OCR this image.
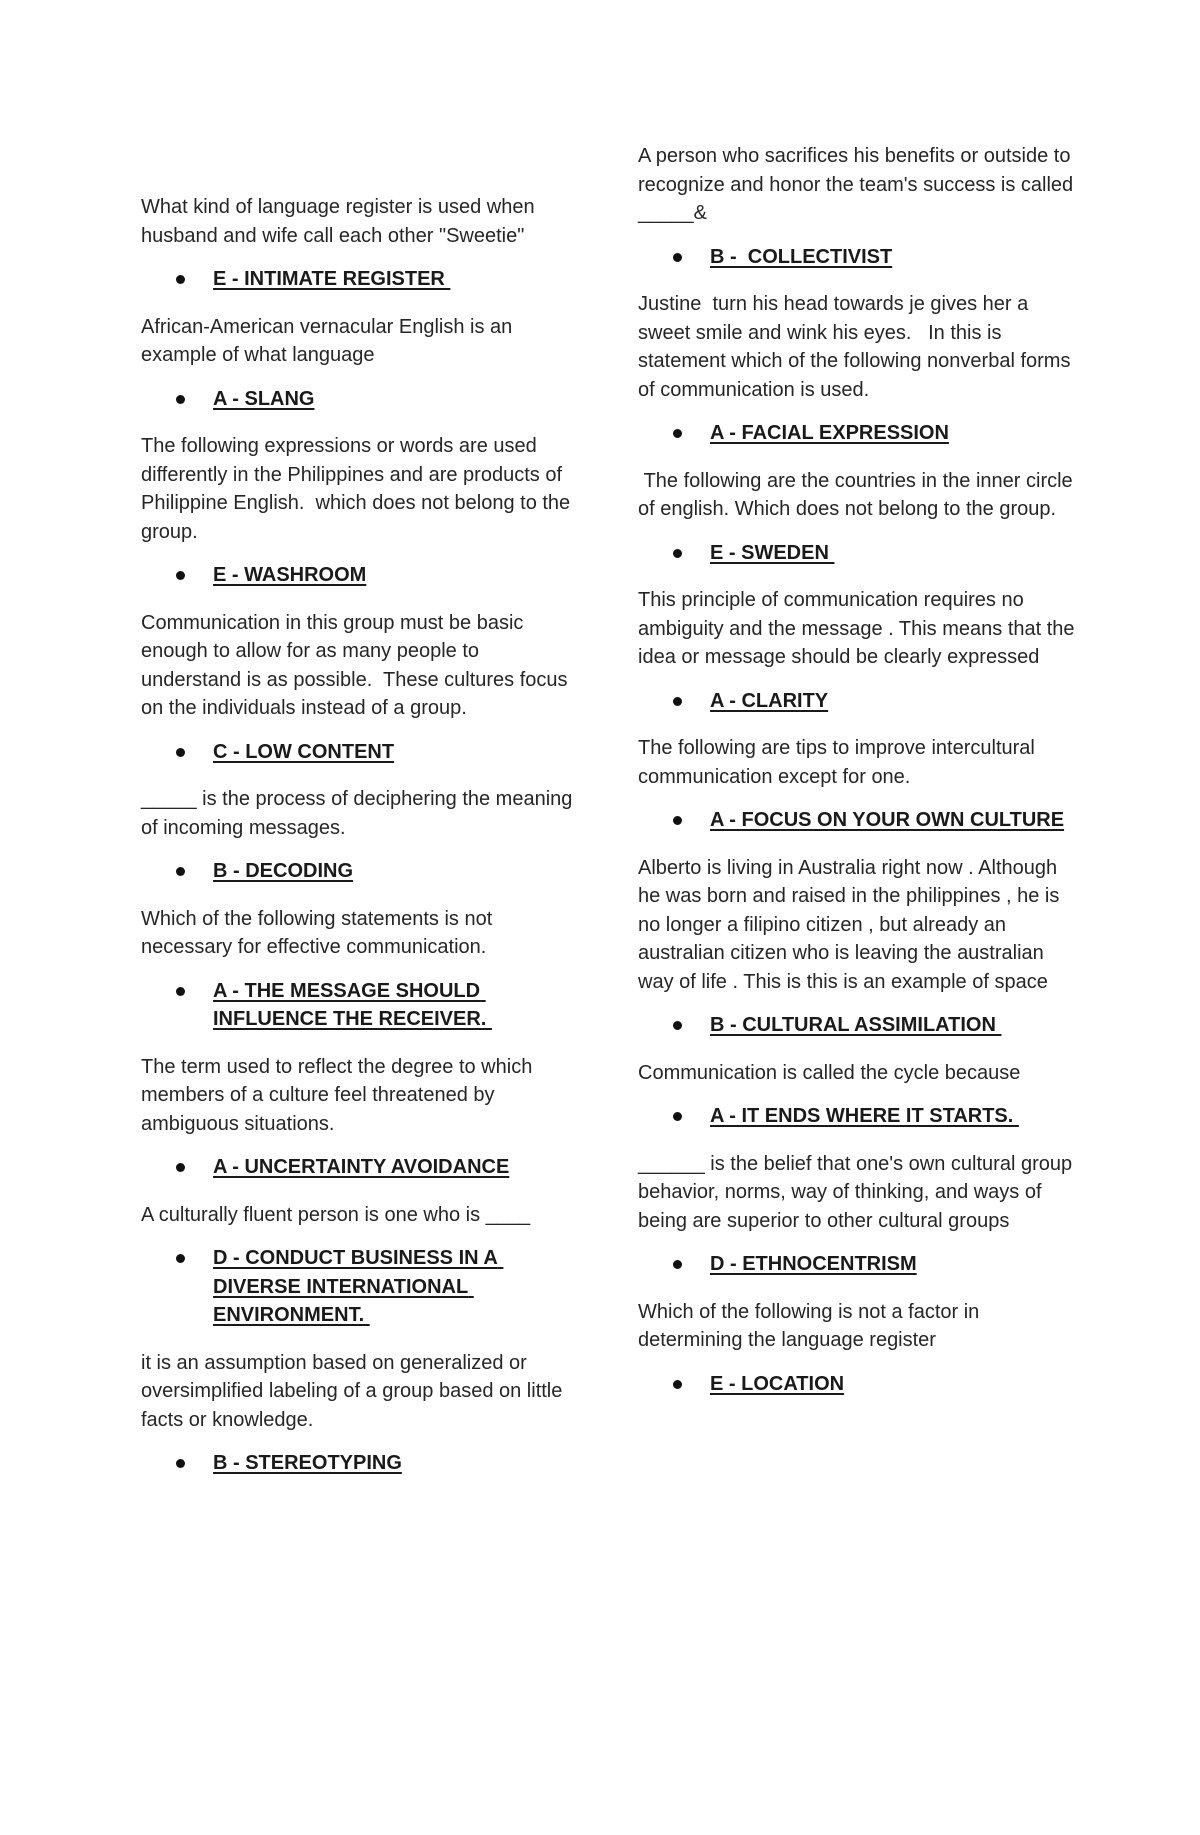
What kind of language register is used when husband and wife call each other "Sweetie"

E - INTIMATE REGISTER

African-American vernacular English is an example of what language

A - SLANG

The following expressions or words are used differently in the Philippines and are products of Philippine English.  which does not belong to the group.

E - WASHROOM

Communication in this group must be basic enough to allow for as many people to understand is as possible.  These cultures focus on the individuals instead of a group.

C - LOW CONTENT

_____ is the process of deciphering the meaning of incoming messages.

B - DECODING

Which of the following statements is not necessary for effective communication.

A - THE MESSAGE SHOULD INFLUENCE THE RECEIVER.

The term used to reflect the degree to which members of a culture feel threatened by ambiguous situations.

A - UNCERTAINTY AVOIDANCE

A culturally fluent person is one who is ____

D - CONDUCT BUSINESS IN A DIVERSE INTERNATIONAL ENVIRONMENT.

it is an assumption based on generalized or oversimplified labeling of a group based on little facts or knowledge.

B - STEREOTYPING

A person who sacrifices his benefits or outside to recognize and honor the team's success is called _____&

B -  COLLECTIVIST

Justine  turn his head towards je gives her a sweet smile and wink his eyes.   In this is statement which of the following nonverbal forms of communication is used.

A - FACIAL EXPRESSION

The following are the countries in the inner circle of english. Which does not belong to the group.

E - SWEDEN

This principle of communication requires no ambiguity and the message . This means that the idea or message should be clearly expressed

A - CLARITY

The following are tips to improve intercultural communication except for one.

A - FOCUS ON YOUR OWN CULTURE

Alberto is living in Australia right now . Although he was born and raised in the philippines , he is no longer a filipino citizen , but already an australian citizen who is leaving the australian way of life . This is this is an example of space

B - CULTURAL ASSIMILATION

Communication is called the cycle because

A - IT ENDS WHERE IT STARTS.

______ is the belief that one's own cultural group behavior, norms, way of thinking, and ways of being are superior to other cultural groups

D - ETHNOCENTRISM

Which of the following is not a factor in determining the language register

E - LOCATION
